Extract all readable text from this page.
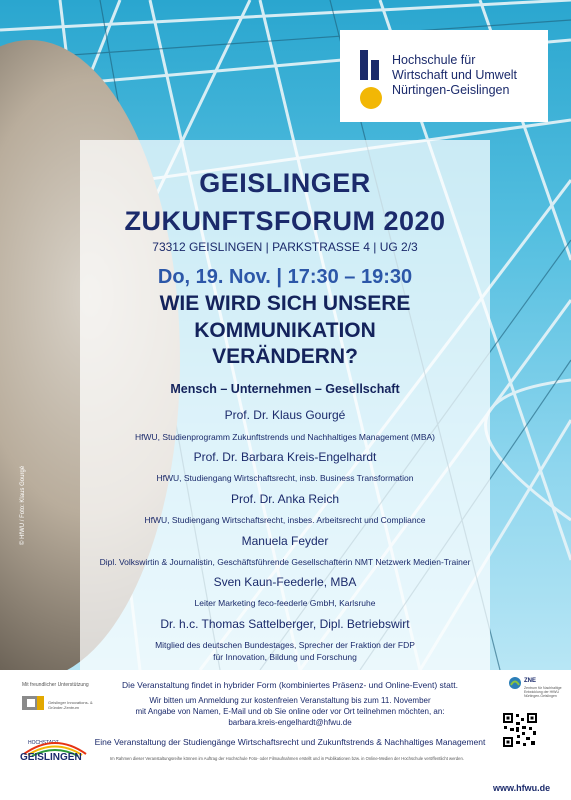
Hochschule für
Wirtschaft und Umwelt
Nürtingen-Geislingen
GEISLINGER
ZUKUNFTSFORUM 2020
73312 GEISLINGEN | PARKSTRASSE 4 | UG 2/3
Do, 19. Nov. | 17:30 – 19:30
WIE WIRD SICH UNSERE
KOMMUNIKATION
VERÄNDERN?
Mensch – Unternehmen – Gesellschaft
Prof. Dr. Klaus Gourgé
HfWU, Studienprogramm Zukunftstrends und Nachhaltiges Management (MBA)
Prof. Dr. Barbara Kreis-Engelhardt
HfWU, Studiengang Wirtschaftsrecht, insb. Business Transformation
Prof. Dr. Anka Reich
HfWU, Studiengang Wirtschaftsrecht, insbes. Arbeitsrecht und Compliance
Manuela Feyder
Dipl. Volkswirtin & Journalistin, Geschäftsführende Gesellschafterin NMT Netzwerk Medien-Trainer
Sven Kaun-Feederle, MBA
Leiter Marketing feco-feederle GmbH, Karlsruhe
Dr. h.c. Thomas Sattelberger, Dipl. Betriebswirt
Mitglied des deutschen Bundestages, Sprecher der Fraktion der FDP
für Innovation, Bildung und Forschung
© HfWU / Foto: Klaus Gourgé
Mit freundlicher Unterstützung
Geislinger Innovations- & Gründer-Zentrum
HOCHSTADT
GEISLINGEN
Die Veranstaltung findet in hybrider Form (kombiniertes Präsenz- und Online-Event) statt.
Wir bitten um Anmeldung zur kostenfreien Veranstaltung bis zum 11. November
mit Angabe von Namen, E-Mail und ob Sie online oder vor Ort teilnehmen möchten, an:
barbara.kreis-engelhardt@hfwu.de
Eine Veranstaltung der Studiengänge Wirtschaftsrecht und Zukunftstrends & Nachhaltiges Management
Im Rahmen dieser Veranstaltungsreihe können im Auftrag der Hochschule Foto- oder Filmaufnahmen erstellt und in Publikationen bzw. in Online-Medien der Hochschule veröffentlicht werden.
ZNE
Zentrum für Nachhaltige Entwicklung der HfWU Nürtingen-Geislingen
www.hfwu.de
